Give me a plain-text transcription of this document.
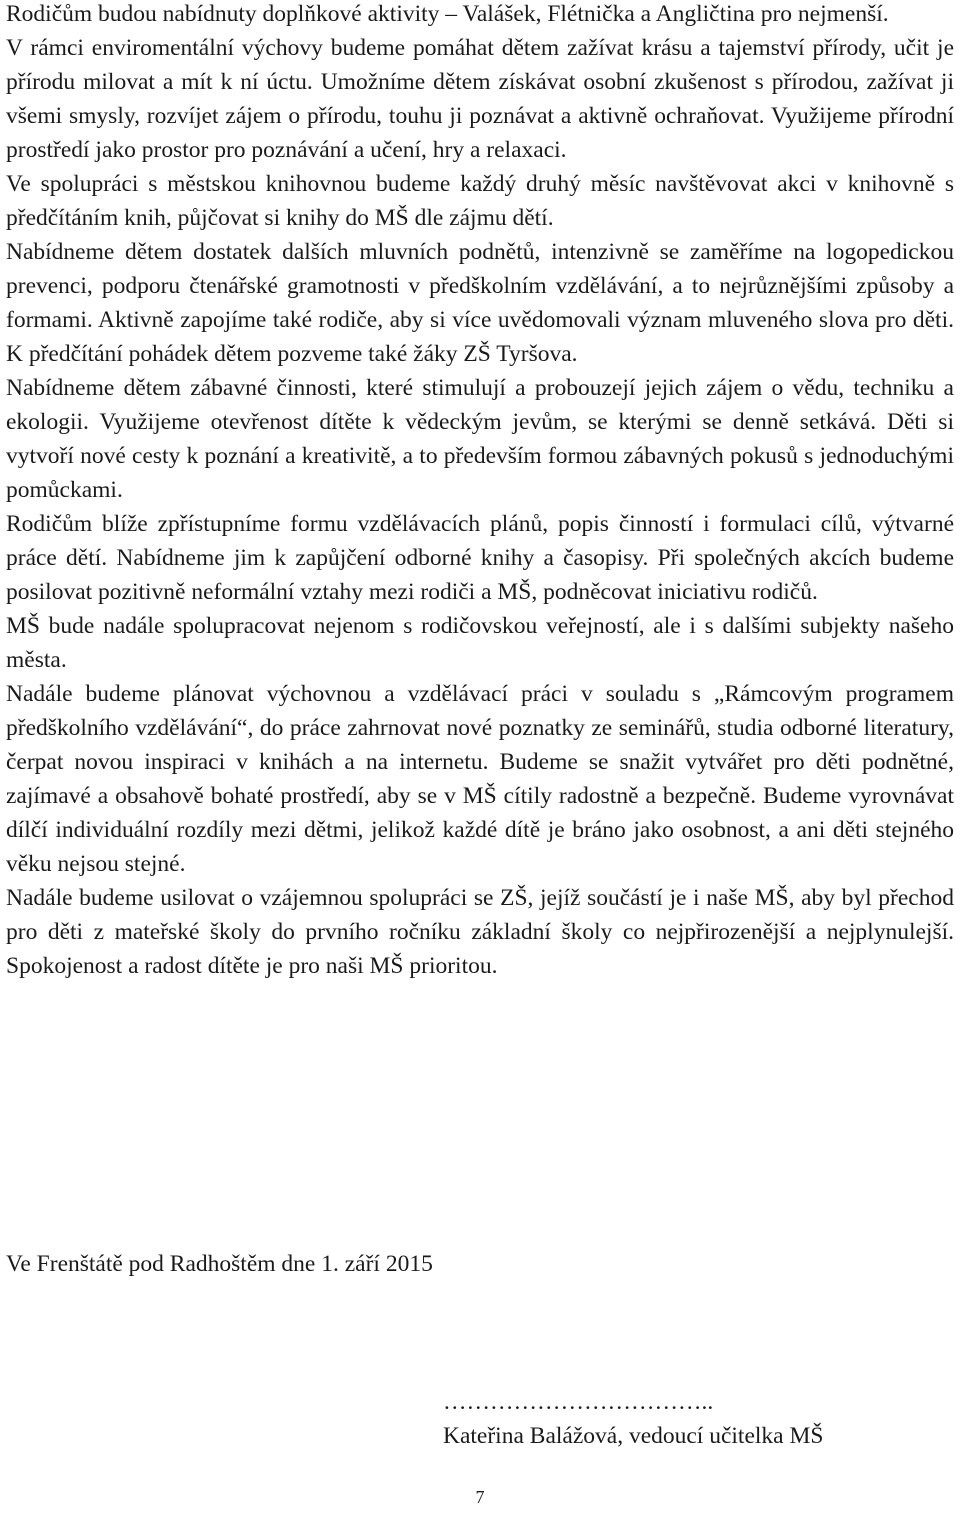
Rodičům budou nabídnuty doplňkové aktivity – Valášek, Flétnička a Angličtina pro nejmenší.

V rámci enviromentální výchovy budeme pomáhat dětem zažívat krásu a tajemství přírody, učit je přírodu milovat a mít k ní úctu. Umožníme dětem získávat osobní zkušenost s přírodou, zažívat ji všemi smysly, rozvíjet zájem o přírodu, touhu ji poznávat a aktivně ochraňovat. Využijeme přírodní prostředí jako prostor pro poznávání a učení, hry a relaxaci.

Ve spolupráci s městskou knihovnou budeme každý druhý měsíc navštěvovat akci v knihovně s předčítáním knih, půjčovat si knihy do MŠ dle zájmu dětí.

Nabídneme dětem dostatek dalších mluvních podnětů, intenzivně se zaměříme na logopedickou prevenci, podporu čtenářské gramotnosti v předškolním vzdělávání, a to nejrůznějšími způsoby a formami. Aktivně zapojíme také rodiče, aby si více uvědomovali význam mluveného slova pro děti. K předčítání pohádek dětem pozveme také žáky ZŠ Tyršova.

Nabídneme dětem zábavné činnosti, které stimulují a probouzejí jejich zájem o vědu, techniku a ekologii. Využijeme otevřenost dítěte k vědeckým jevům, se kterými se denně setkává. Děti si vytvoří nové cesty k poznání a kreativitě, a to především formou zábavných pokusů s jednoduchými pomůckami.

Rodičům blíže zpřístupníme formu vzdělávacích plánů, popis činností i formulaci cílů, výtvarné práce dětí. Nabídneme jim k zapůjčení odborné knihy a časopisy. Při společných akcích budeme posilovat pozitivně neformální vztahy mezi rodiči a MŠ, podněcovat iniciativu rodičů.

MŠ bude nadále spolupracovat nejenom s rodičovskou veřejností, ale i s dalšími subjekty našeho města.

Nadále budeme plánovat výchovnou a vzdělávací práci v souladu s „Rámcovým programem předškolního vzdělávání“, do práce zahrnovat nové poznatky ze seminářů, studia odborné literatury, čerpat novou inspiraci v knihách a na internetu. Budeme se snažit vytvářet pro děti podnětné, zajímavé a obsahově bohaté prostředí, aby se v MŠ cítily radostně a bezpečně. Budeme vyrovnávat dílčí individuální rozdíly mezi dětmi, jelikož každé dítě je bráno jako osobnost, a ani děti stejného věku nejsou stejné.

Nadále budeme usilovat o vzájemnou spolupráci se ZŠ, jejíž součástí je i naše MŠ, aby byl přechod pro děti z mateřské školy do prvního ročníku základní školy co nejpřirozenější a nejplynulejší. Spokojenost a radost dítěte je pro naši MŠ prioritou.

Ve Frenštátě pod Radhoštěm dne 1. září 2015

……………………………..

Kateřina Balážová, vedoucí učitelka MŠ

7
